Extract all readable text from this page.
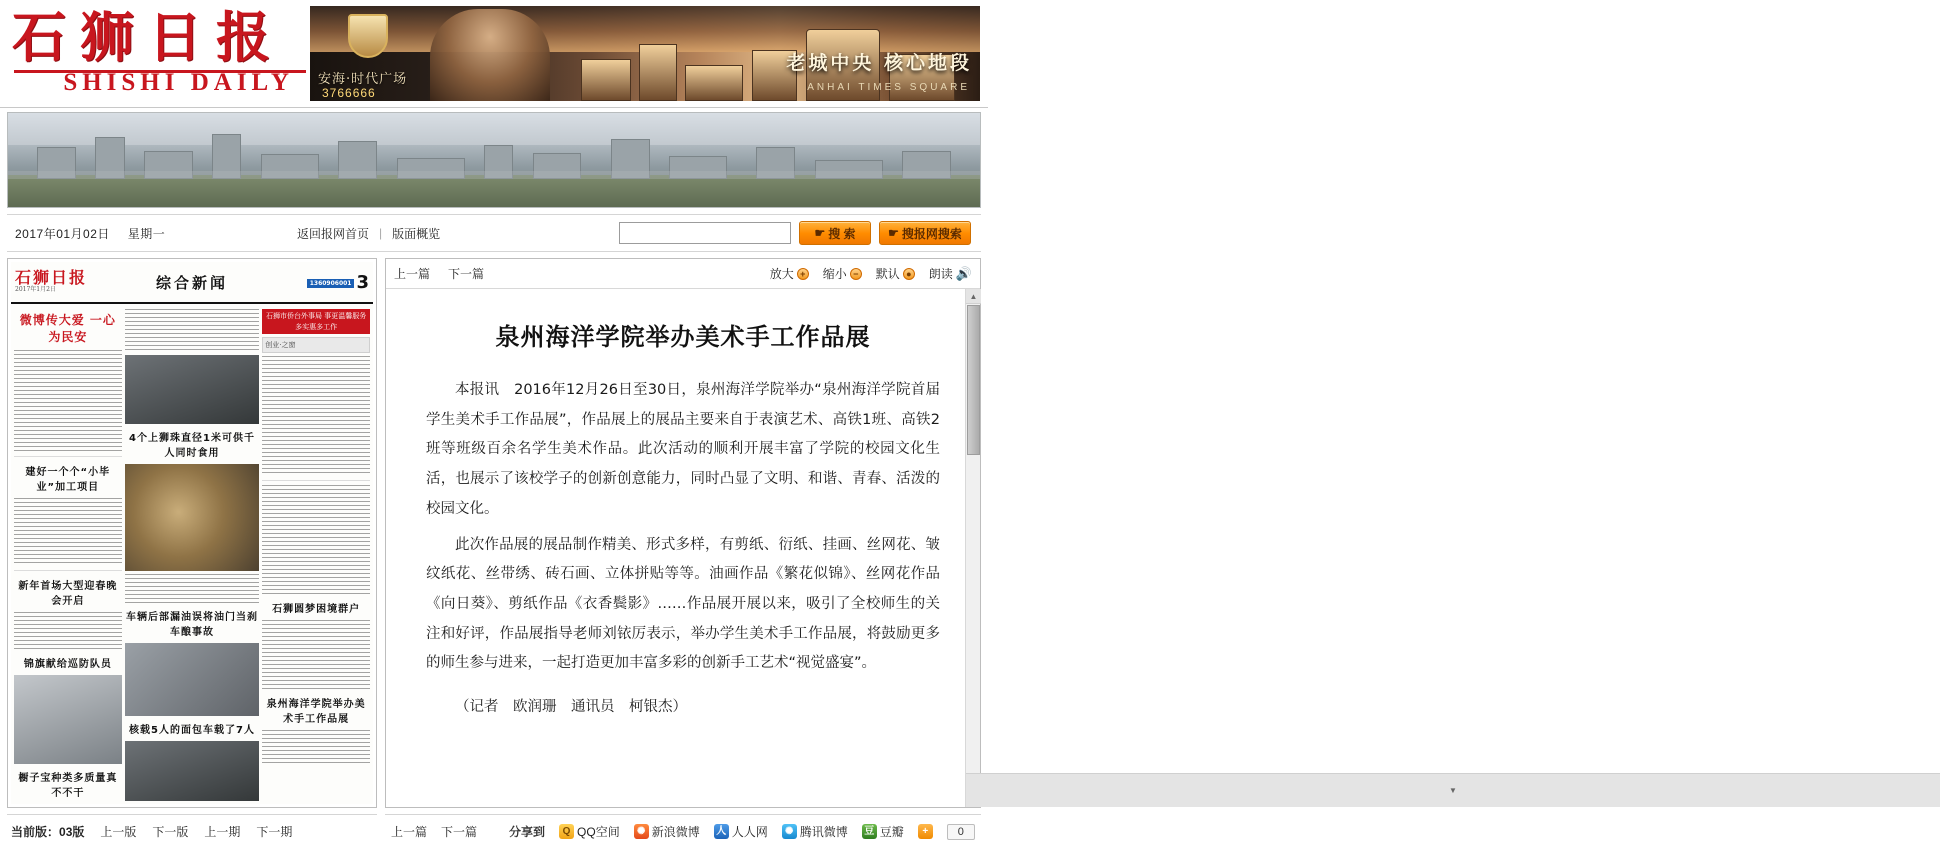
石狮日报
SHISHI DAILY	安海·时代广场
3766666
老城中央 核心地段
ANHAI TIMES SQUARE
2017年01月02日 星期一	返回报网首页 | 版面概览	☛ 搜 索	☛ 搜报网搜索
石狮日报
2017年1月2日	综合新闻	1360906001 3
微博传大爱 一心为民安
建好一个个“小毕业”加工项目
新年首场大型迎春晚会开启
锦旗献给巡防队员
橱子宝种类多质量真不不干
4个上狮珠直径1米可供千人同时食用
车辆后部漏油误将油门当刹车酿事故
核载5人的面包车载了7人
石狮市侨台外事局 事更温馨服务 多实惠多工作
创业·之窗
石狮圆梦困境群户
泉州海洋学院举办美术手工作品展
上一篇 下一篇	放大 + 缩小 − 默认 ● 朗读 🔊
泉州海洋学院举办美术手工作品展

本报讯　2016年12月26日至30日，泉州海洋学院举办“泉州海洋学院首届学生美术手工作品展”，作品展上的展品主要来自于表演艺术、高铁1班、高铁2班等班级百余名学生美术作品。此次活动的顺利开展丰富了学院的校园文化生活，也展示了该校学子的创新创意能力，同时凸显了文明、和谐、青春、活泼的校园文化。

此次作品展的展品制作精美、形式多样，有剪纸、衍纸、挂画、丝网花、皱纹纸花、丝带绣、砖石画、立体拼贴等等。油画作品《繁花似锦》、丝网花作品《向日葵》、剪纸作品《衣香鬓影》……作品展开展以来，吸引了全校师生的关注和好评，作品展指导老师刘铱厉表示，举办学生美术手工作品展，将鼓励更多的师生参与进来，一起打造更加丰富多彩的创新手工艺术“视觉盛宴”。

（记者　欧润珊　通讯员　柯银杰）

▲
▼
当前版：03版 上一版 下一版 上一期 下一期	上一篇 下一篇	分享到	Q QQ空间	✺ 新浪微博 人 人人网	✺ 腾讯微博 豆 豆瓣	+	0
